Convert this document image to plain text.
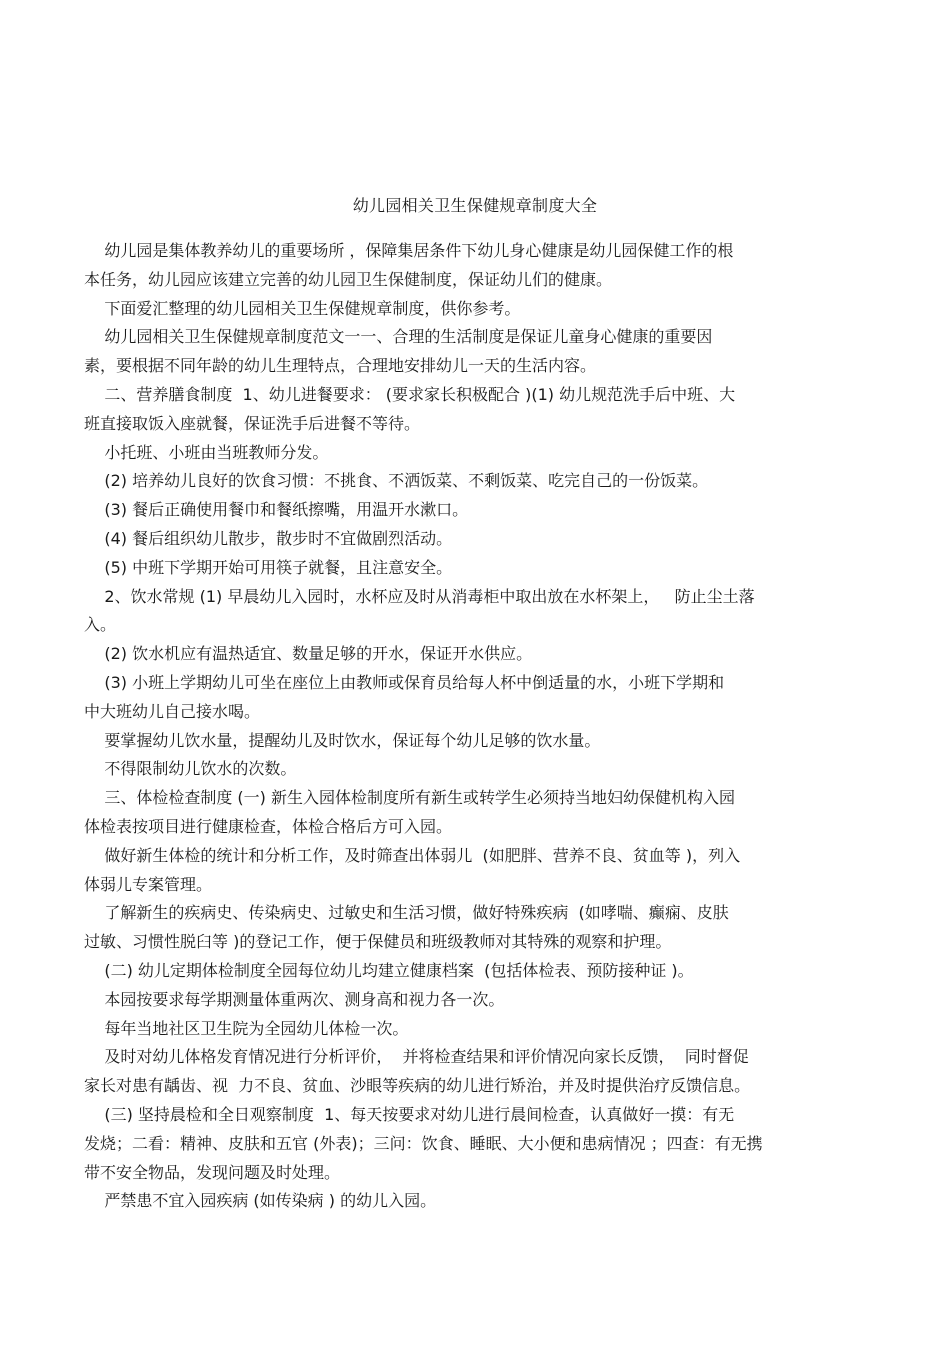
幼儿园相关卫生保健规章制度大全

幼儿园是集体教养幼儿的重要场所 ，保障集居条件下幼儿身心健康是幼儿园保健工作的根
本任务，幼儿园应该建立完善的幼儿园卫生保健制度，保证幼儿们的健康。

下面爱汇整理的幼儿园相关卫生保健规章制度，供你参考。

幼儿园相关卫生保健规章制度范文一一、合理的生活制度是保证儿童身心健康的重要因
素，要根据不同年龄的幼儿生理特点，合理地安排幼儿一天的生活内容。

二、营养膳食制度  1、幼儿进餐要求： (要求家长积极配合 )(1) 幼儿规范洗手后中班、大
班直接取饭入座就餐，保证洗手后进餐不等待。

小托班、小班由当班教师分发。

(2) 培养幼儿良好的饮食习惯：不挑食、不洒饭菜、不剩饭菜、吃完自己的一份饭菜。

(3) 餐后正确使用餐巾和餐纸擦嘴，用温开水漱口。

(4) 餐后组织幼儿散步，散步时不宜做剧烈活动。

(5) 中班下学期开始可用筷子就餐，且注意安全。

2、饮水常规 (1) 早晨幼儿入园时，水杯应及时从消毒柜中取出放在水杯架上，   防止尘土落
入。

(2) 饮水机应有温热适宜、数量足够的开水，保证开水供应。

(3) 小班上学期幼儿可坐在座位上由教师或保育员给每人杯中倒适量的水，小班下学期和
中大班幼儿自己接水喝。

要掌握幼儿饮水量，提醒幼儿及时饮水，保证每个幼儿足够的饮水量。

不得限制幼儿饮水的次数。

三、体检检查制度 (一) 新生入园体检制度所有新生或转学生必须持当地妇幼保健机构入园
体检表按项目进行健康检查，体检合格后方可入园。

做好新生体检的统计和分析工作，及时筛查出体弱儿  (如肥胖、营养不良、贫血等 )，列入
体弱儿专案管理。

了解新生的疾病史、传染病史、过敏史和生活习惯，做好特殊疾病  (如哮喘、癫痫、皮肤
过敏、习惯性脱臼等 )的登记工作，便于保健员和班级教师对其特殊的观察和护理。

(二) 幼儿定期体检制度全园每位幼儿均建立健康档案  (包括体检表、预防接种证 )。

本园按要求每学期测量体重两次、测身高和视力各一次。

每年当地社区卫生院为全园幼儿体检一次。

及时对幼儿体格发育情况进行分析评价，  并将检查结果和评价情况向家长反馈，  同时督促
家长对患有龋齿、视  力不良、贫血、沙眼等疾病的幼儿进行矫治，并及时提供治疗反馈信息。

(三) 坚持晨检和全日观察制度  1、每天按要求对幼儿进行晨间检查，认真做好一摸：有无
发烧；二看：精神、皮肤和五官 (外表)；三问：饮食、睡眠、大小便和患病情况 ；四查：有无携
带不安全物品，发现问题及时处理。

严禁患不宜入园疾病 (如传染病 ) 的幼儿入园。
